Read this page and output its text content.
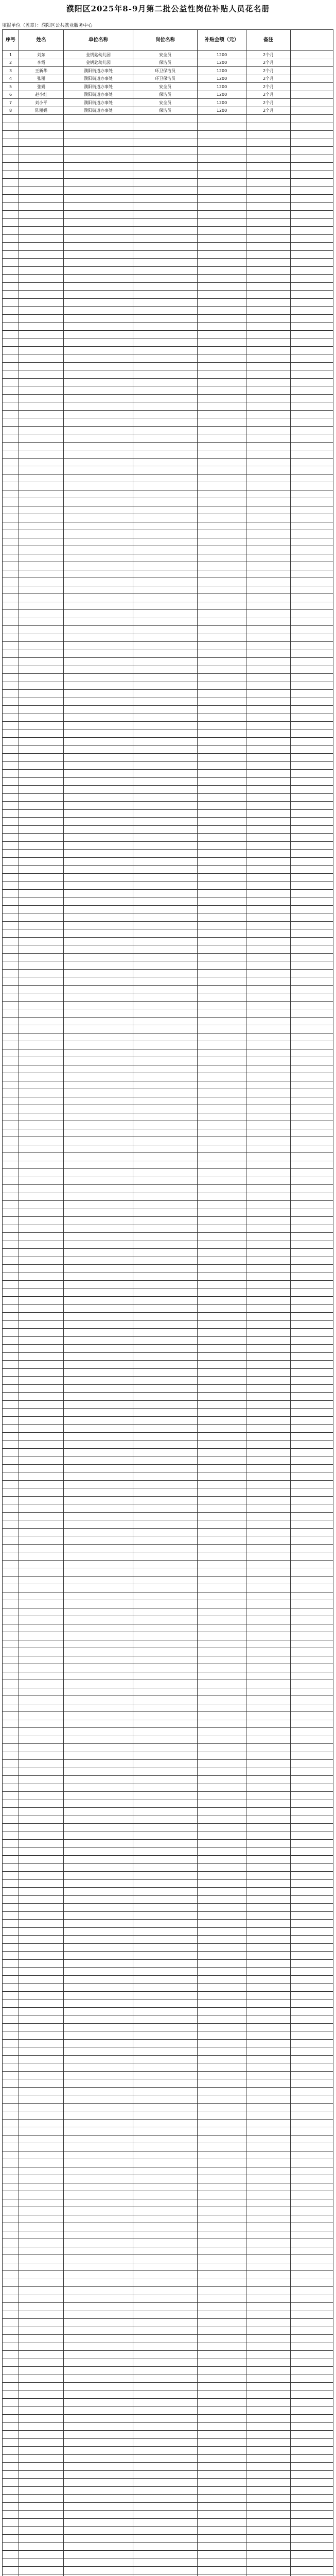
濮阳区2025年8-9月第二批公益性岗位补贴人员花名册
填报单位（盖章）：濮阳区公共就业服务中心
序号	姓名	单位名称	岗位名称	补贴金额（元）	备注	
1	刘东	金钥匙幼儿园	安全员	1200	2个月	
2	李霞	金钥匙幼儿园	保洁员	1200	2个月	
3	王新华	濮阳街道办事处	环卫保洁员	1200	2个月	
4	张丽	濮阳街道办事处	环卫保洁员	1200	2个月	
5	张娟	濮阳街道办事处	安全员	1200	2个月	
6	赵小红	濮阳街道办事处	保洁员	1200	2个月	
7	刘小平	濮阳街道办事处	安全员	1200	2个月	
8	陈丽娟	濮阳街道办事处	保洁员	1200	2个月	
